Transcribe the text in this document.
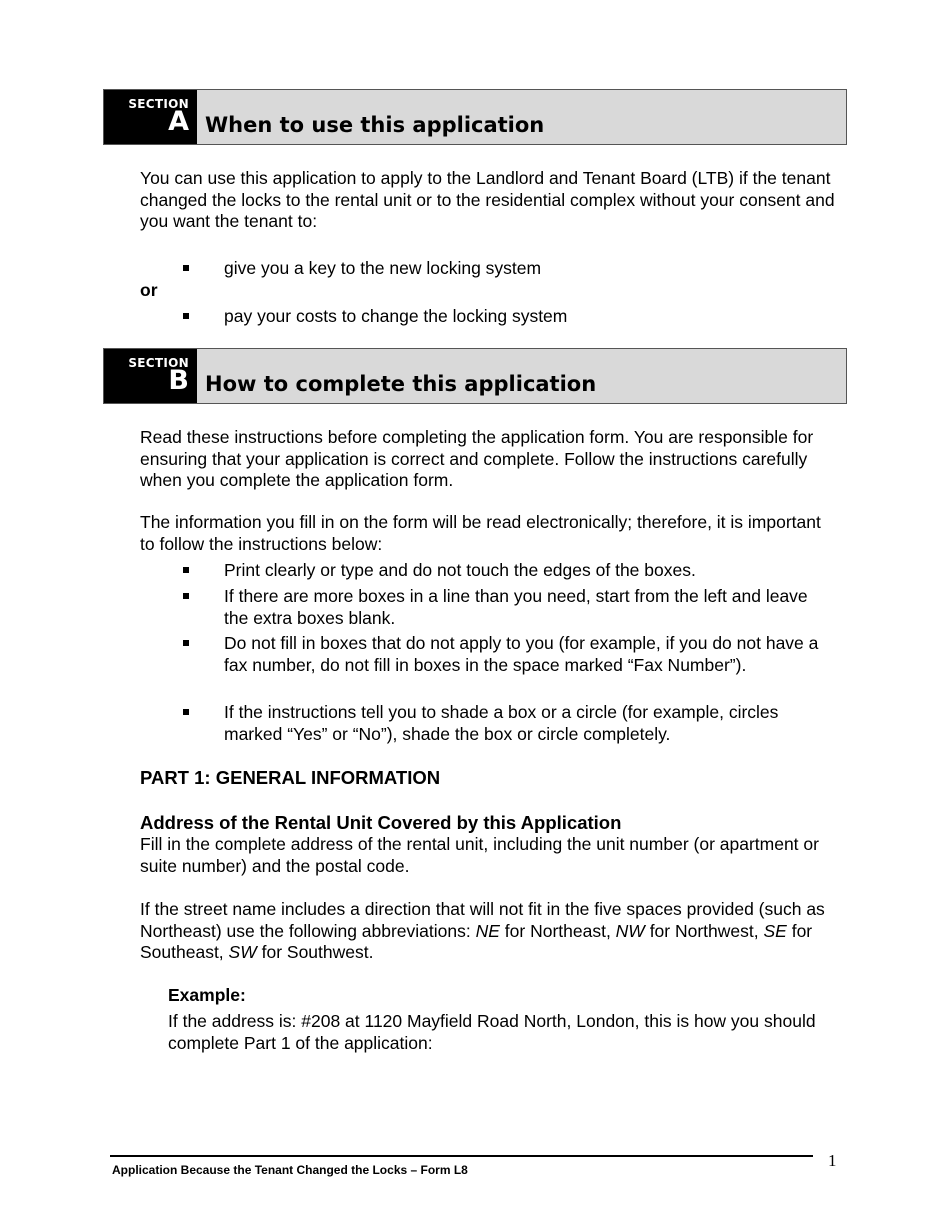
SECTION
A When to use this application

You can use this application to apply to the Landlord and Tenant Board (LTB) if the tenant changed the locks to the rental unit or to the residential complex without your consent and you want the tenant to:

give you a key to the new locking system
or
pay your costs to change the locking system
SECTION
B How to complete this application

Read these instructions before completing the application form. You are responsible for ensuring that your application is correct and complete. Follow the instructions carefully when you complete the application form.

The information you fill in on the form will be read electronically; therefore, it is important to follow the instructions below:

Print clearly or type and do not touch the edges of the boxes.
If there are more boxes in a line than you need, start from the left and leave the extra boxes blank.
Do not fill in boxes that do not apply to you (for example, if you do not have a fax number, do not fill in boxes in the space marked “Fax Number”).
If the instructions tell you to shade a box or a circle (for example, circles marked “Yes” or “No”), shade the box or circle completely.
PART 1: GENERAL INFORMATION
Address of the Rental Unit Covered by this Application

Fill in the complete address of the rental unit, including the unit number (or apartment or suite number) and the postal code.

If the street name includes a direction that will not fit in the five spaces provided (such as Northeast) use the following abbreviations: NE for Northeast, NW for Northwest, SE for Southeast, SW for Southwest.

Example:

If the address is: #208 at 1120 Mayfield Road North, London, this is how you should complete Part 1 of the application:

Application Because the Tenant Changed the Locks – Form L8	1
